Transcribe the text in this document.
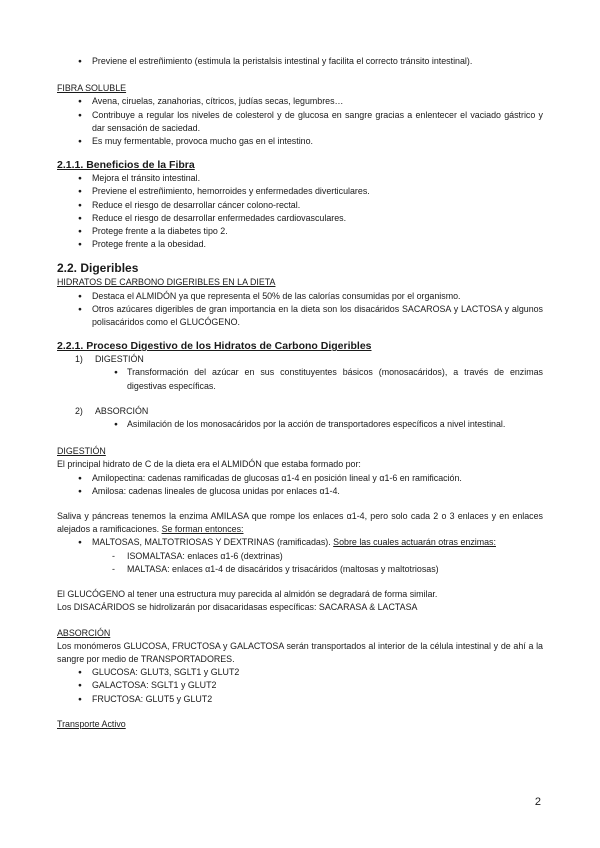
● Previene el estreñimiento (estimula la peristalsis intestinal y facilita el correcto tránsito intestinal).
FIBRA SOLUBLE
● Avena, ciruelas, zanahorias, cítricos, judías secas, legumbres…
● Contribuye a regular los niveles de colesterol y de glucosa en sangre gracias a enlentecer el vaciado gástrico y dar sensación de saciedad.
● Es muy fermentable, provoca mucho gas en el intestino.
2.1.1. Beneficios de la Fibra
● Mejora el tránsito intestinal.
● Previene el estreñimiento, hemorroides y enfermedades diverticulares.
● Reduce el riesgo de desarrollar cáncer colono-rectal.
● Reduce el riesgo de desarrollar enfermedades cardiovasculares.
● Protege frente a la diabetes tipo 2.
● Protege frente a la obesidad.
2.2. Digeribles
HIDRATOS DE CARBONO DIGERIBLES EN LA DIETA
● Destaca el ALMIDÓN ya que representa el 50% de las calorías consumidas por el organismo.
● Otros azúcares digeribles de gran importancia en la dieta son los disacáridos SACAROSA y LACTOSA y algunos polisacáridos como el GLUCÓGENO.
2.2.1. Proceso Digestivo de los Hidratos de Carbono Digeribles
1) DIGESTIÓN
● Transformación del azúcar en sus constituyentes básicos (monosacáridos), a través de enzimas digestivas específicas.
2) ABSORCIÓN
● Asimilación de los monosacáridos por la acción de transportadores específicos a nivel intestinal.
DIGESTIÓN
El principal hidrato de C de la dieta era el ALMIDÓN que estaba formado por:
● Amilopectina: cadenas ramificadas de glucosas α1-4 en posición lineal y α1-6 en ramificación.
● Amilosa: cadenas lineales de glucosa unidas por enlaces α1-4.
Saliva y páncreas tenemos la enzima AMILASA que rompe los enlaces α1-4, pero solo cada 2 o 3 enlaces y en enlaces alejados a ramificaciones. Se forman entonces:
● MALTOSAS, MALTOTRIOSAS Y DEXTRINAS (ramificadas). Sobre las cuales actuarán otras enzimas:
- ISOMALTASA: enlaces α1-6 (dextrinas)
- MALTASA: enlaces α1-4 de disacáridos y trisacáridos (maltosas y maltotriosas)
El GLUCÓGENO al tener una estructura muy parecida al almidón se degradará de forma similar.
Los DISACÁRIDOS se hidrolizarán por disacaridasas específicas: SACARASA & LACTASA
ABSORCIÓN
Los monómeros GLUCOSA, FRUCTOSA y GALACTOSA serán transportados al interior de la célula intestinal y de ahí a la sangre por medio de TRANSPORTADORES.
● GLUCOSA: GLUT3, SGLT1 y GLUT2
● GALACTOSA: SGLT1 y GLUT2
● FRUCTOSA: GLUT5 y GLUT2
Transporte Activo
2
